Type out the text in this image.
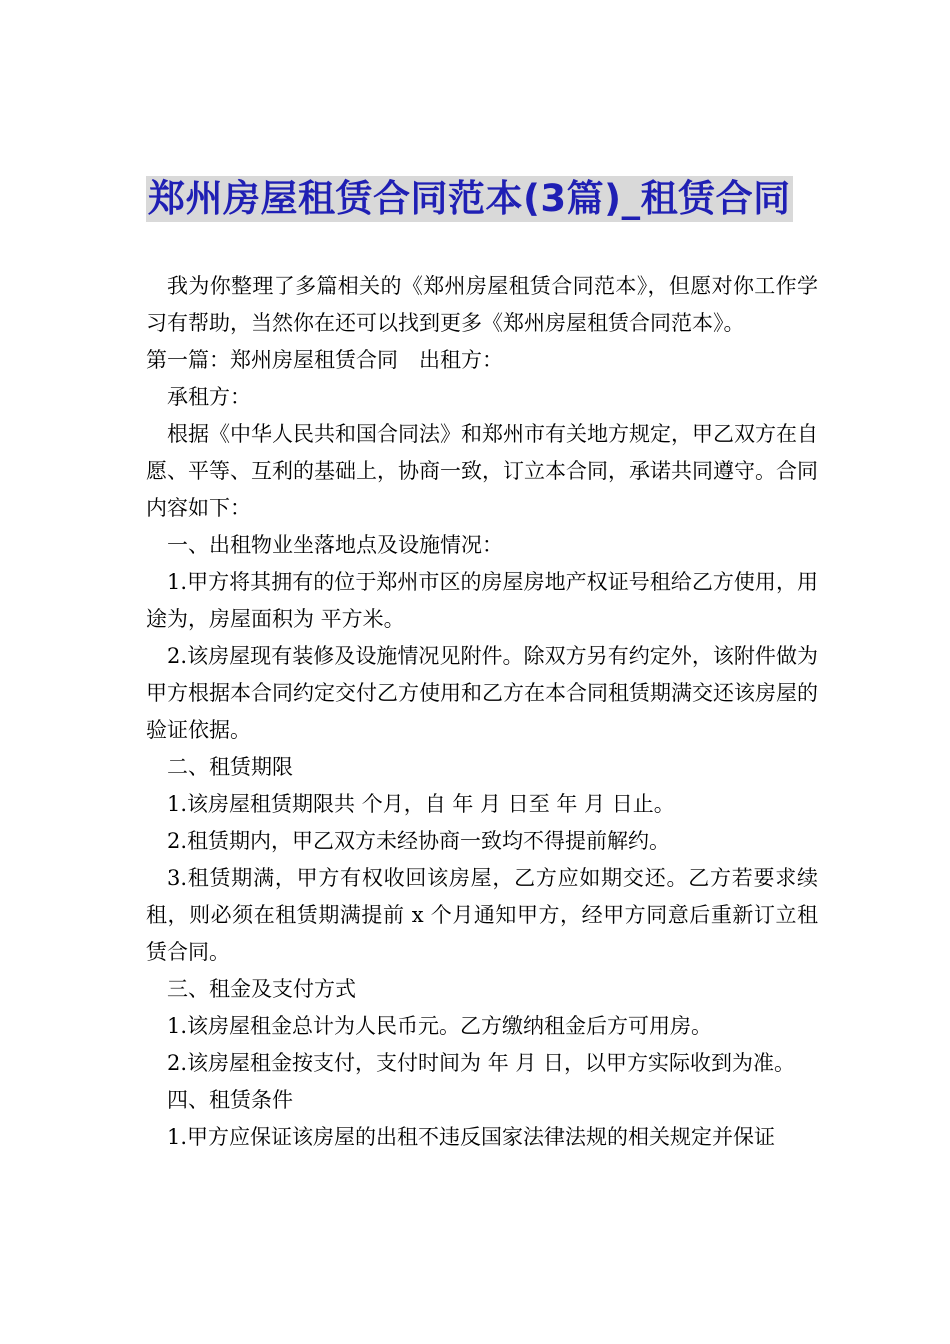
郑州房屋租赁合同范本(3篇)_租赁合同

我为你整理了多篇相关的《郑州房屋租赁合同范本》，但愿对你工作学习有帮助，当然你在还可以找到更多《郑州房屋租赁合同范本》。

第一篇：郑州房屋租赁合同　出租方：

承租方：

根据《中华人民共和国合同法》和郑州市有关地方规定，甲乙双方在自愿、平等、互利的基础上，协商一致，订立本合同，承诺共同遵守。合同内容如下：

一、出租物业坐落地点及设施情况：

1.甲方将其拥有的位于郑州市区的房屋房地产权证号租给乙方使用，用途为，房屋面积为 平方米。

2.该房屋现有装修及设施情况见附件。除双方另有约定外，该附件做为甲方根据本合同约定交付乙方使用和乙方在本合同租赁期满交还该房屋的验证依据。

二、租赁期限

1.该房屋租赁期限共 个月，自 年 月 日至 年 月 日止。

2.租赁期内，甲乙双方未经协商一致均不得提前解约。

3.租赁期满，甲方有权收回该房屋，乙方应如期交还。乙方若要求续租，则必须在租赁期满提前 x 个月通知甲方，经甲方同意后重新订立租赁合同。

三、租金及支付方式

1.该房屋租金总计为人民币元。乙方缴纳租金后方可用房。

2.该房屋租金按支付，支付时间为 年 月 日，以甲方实际收到为准。

四、租赁条件

1.甲方应保证该房屋的出租不违反国家法律法规的相关规定并保证
